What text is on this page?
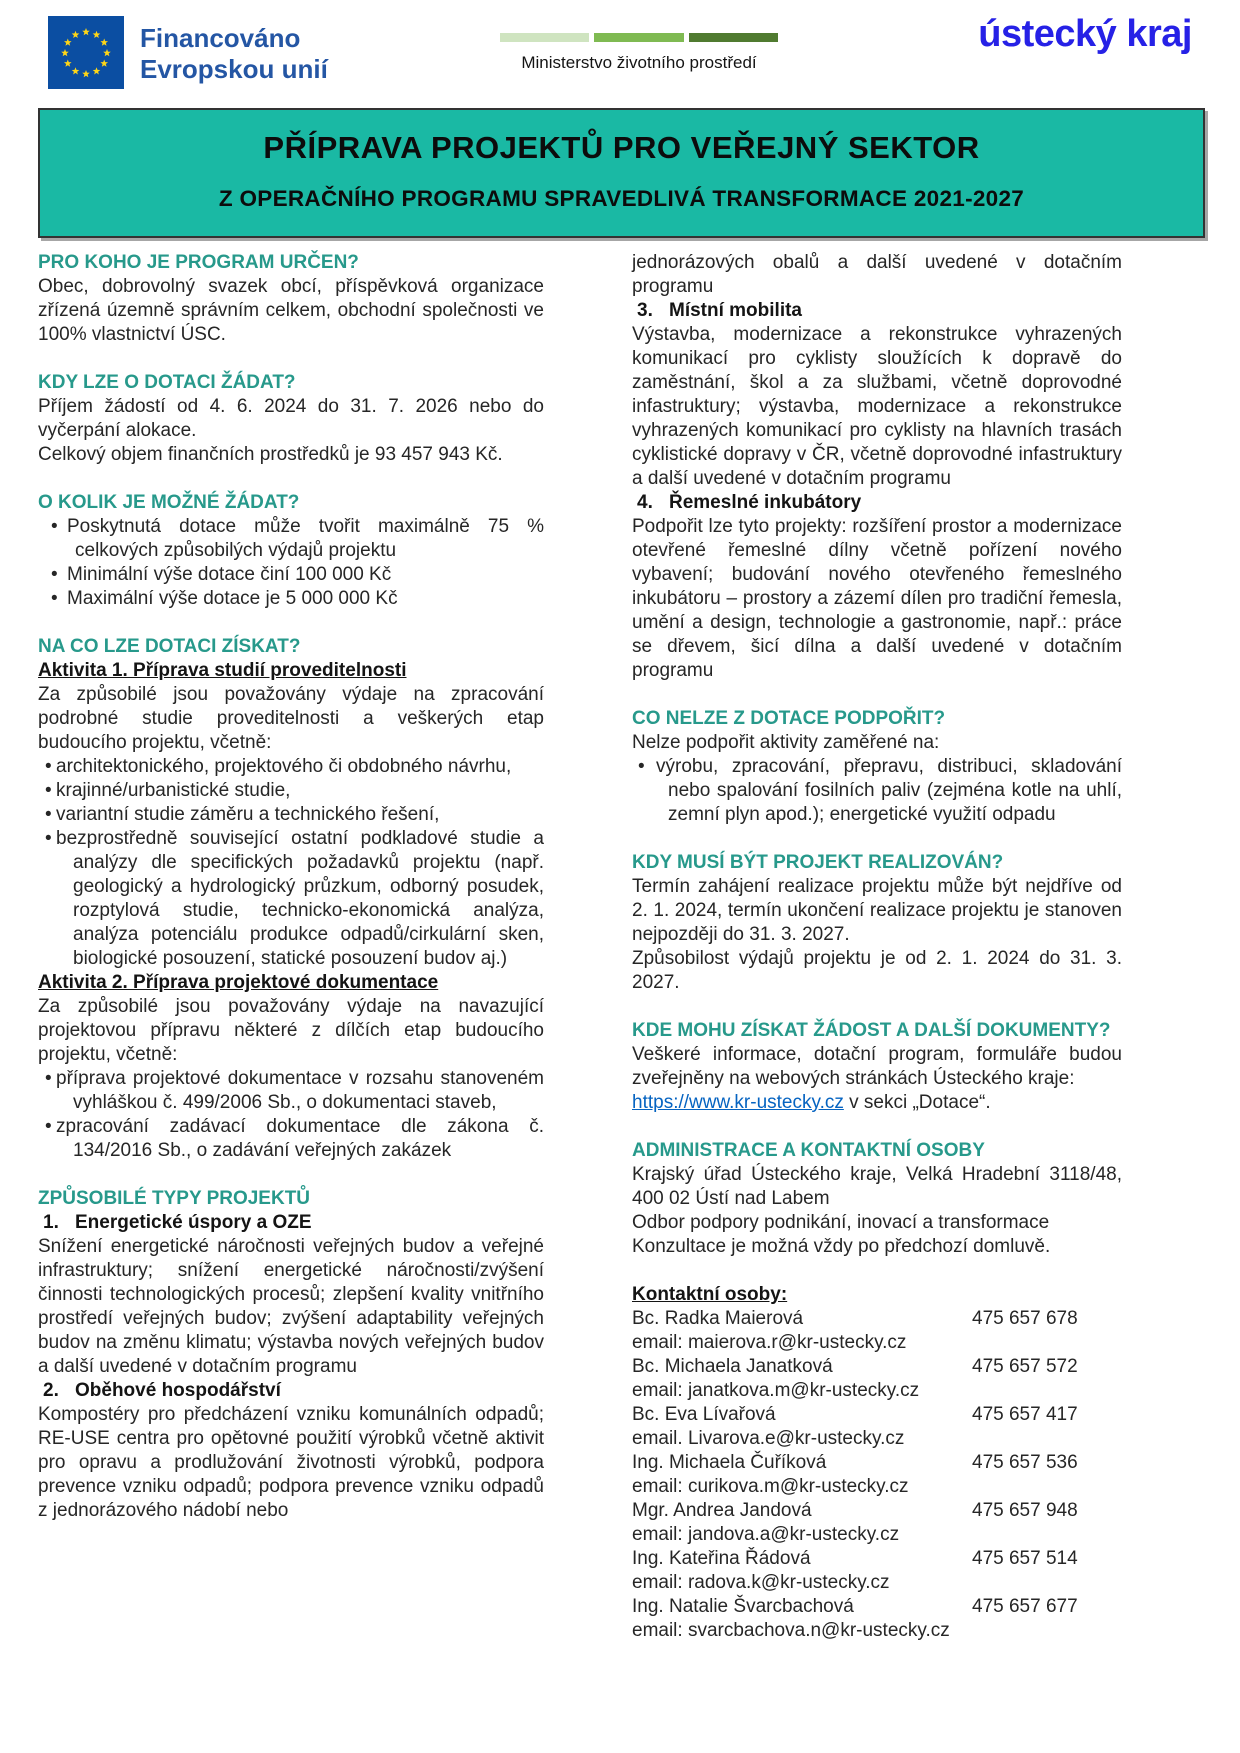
Financováno
Evropskou unií	Ministerstvo životního prostředí
ústecký kraj
PŘÍPRAVA PROJEKTŮ PRO VEŘEJNÝ SEKTOR
Z OPERAČNÍHO PROGRAMU SPRAVEDLIVÁ TRANSFORMACE 2021-2027
PRO KOHO JE PROGRAM URČEN?
Obec, dobrovolný svazek obcí, příspěvková organizace zřízená územně správním celkem, obchodní společnosti ve 100% vlastnictví ÚSC.
KDY LZE O DOTACI ŽÁDAT?
Příjem žádostí od 4. 6. 2024 do 31. 7. 2026 nebo do vyčerpání alokace.
Celkový objem finančních prostředků je 93 457 943 Kč.
O KOLIK JE MOŽNÉ ŽÁDAT?
• Poskytnutá dotace může tvořit maximálně 75 % celkových způsobilých výdajů projektu
• Minimální výše dotace činí 100 000 Kč
• Maximální výše dotace je 5 000 000 Kč
NA CO LZE DOTACI ZÍSKAT?
Aktivita 1. Příprava studií proveditelnosti
Za způsobilé jsou považovány výdaje na zpracování podrobné studie proveditelnosti a veškerých etap budoucího projektu, včetně:
• architektonického, projektového či obdobného návrhu,
• krajinné/urbanistické studie,
• variantní studie záměru a technického řešení,
• bezprostředně související ostatní podkladové studie a analýzy dle specifických požadavků projektu (např. geologický a hydrologický průzkum, odborný posudek, rozptylová studie, technicko-ekonomická analýza, analýza potenciálu produkce odpadů/cirkulární sken, biologické posouzení, statické posouzení budov aj.)
Aktivita 2. Příprava projektové dokumentace
Za způsobilé jsou považovány výdaje na navazující projektovou přípravu některé z dílčích etap budoucího projektu, včetně:
• příprava projektové dokumentace v rozsahu stanoveném vyhláškou č. 499/2006 Sb., o dokumentaci staveb,
• zpracování zadávací dokumentace dle zákona č. 134/2016 Sb., o zadávání veřejných zakázek
ZPŮSOBILÉ TYPY PROJEKTŮ
1. Energetické úspory a OZE
Snížení energetické náročnosti veřejných budov a veřejné infrastruktury; snížení energetické náročnosti/zvýšení činnosti technologických procesů; zlepšení kvality vnitřního prostředí veřejných budov; zvýšení adaptability veřejných budov na změnu klimatu; výstavba nových veřejných budov a další uvedené v dotačním programu
2. Oběhové hospodářství
Kompostéry pro předcházení vzniku komunálních odpadů; RE-USE centra pro opětovné použití výrobků včetně aktivit pro opravu a prodlužování životnosti výrobků, podpora prevence vzniku odpadů; podpora prevence vzniku odpadů z jednorázového nádobí nebo
jednorázových obalů a další uvedené v dotačním programu
3. Místní mobilita
Výstavba, modernizace a rekonstrukce vyhrazených komunikací pro cyklisty sloužících k dopravě do zaměstnání, škol a za službami, včetně doprovodné infastruktury; výstavba, modernizace a rekonstrukce vyhrazených komunikací pro cyklisty na hlavních trasách cyklistické dopravy v ČR, včetně doprovodné infastruktury a další uvedené v dotačním programu
4. Řemeslné inkubátory
Podpořit lze tyto projekty: rozšíření prostor a modernizace otevřené řemeslné dílny včetně pořízení nového vybavení; budování nového otevřeného řemeslného inkubátoru – prostory a zázemí dílen pro tradiční řemesla, umění a design, technologie a gastronomie, např.: práce se dřevem, šicí dílna a další uvedené v dotačním programu
CO NELZE Z DOTACE PODPOŘIT?
Nelze podpořit aktivity zaměřené na:
• výrobu, zpracování, přepravu, distribuci, skladování nebo spalování fosilních paliv (zejména kotle na uhlí, zemní plyn apod.); energetické využití odpadu
KDY MUSÍ BÝT PROJEKT REALIZOVÁN?
Termín zahájení realizace projektu může být nejdříve od 2. 1. 2024, termín ukončení realizace projektu je stanoven nejpozději do 31. 3. 2027.
Způsobilost výdajů projektu je od 2. 1. 2024 do 31. 3. 2027.
KDE MOHU ZÍSKAT ŽÁDOST A DALŠÍ DOKUMENTY?
Veškeré informace, dotační program, formuláře budou zveřejněny na webových stránkách Ústeckého kraje:
https://www.kr-ustecky.cz v sekci „Dotace“.
ADMINISTRACE A KONTAKTNÍ OSOBY
Krajský úřad Ústeckého kraje, Velká Hradební 3118/48, 400 02 Ústí nad Labem
Odbor podpory podnikání, inovací a transformace
Konzultace je možná vždy po předchozí domluvě.
Kontaktní osoby:
Bc. Radka Maierová	475 657 678
email: maierova.r@kr-ustecky.cz
Bc. Michaela Janatková	475 657 572
email: janatkova.m@kr-ustecky.cz
Bc. Eva Lívařová	475 657 417
email. Livarova.e@kr-ustecky.cz
Ing. Michaela Čuříková	475 657 536
email: curikova.m@kr-ustecky.cz
Mgr. Andrea Jandová	475 657 948
email: jandova.a@kr-ustecky.cz
Ing. Kateřina Řádová	475 657 514
email: radova.k@kr-ustecky.cz
Ing. Natalie Švarcbachová	475 657 677
email: svarcbachova.n@kr-ustecky.cz
